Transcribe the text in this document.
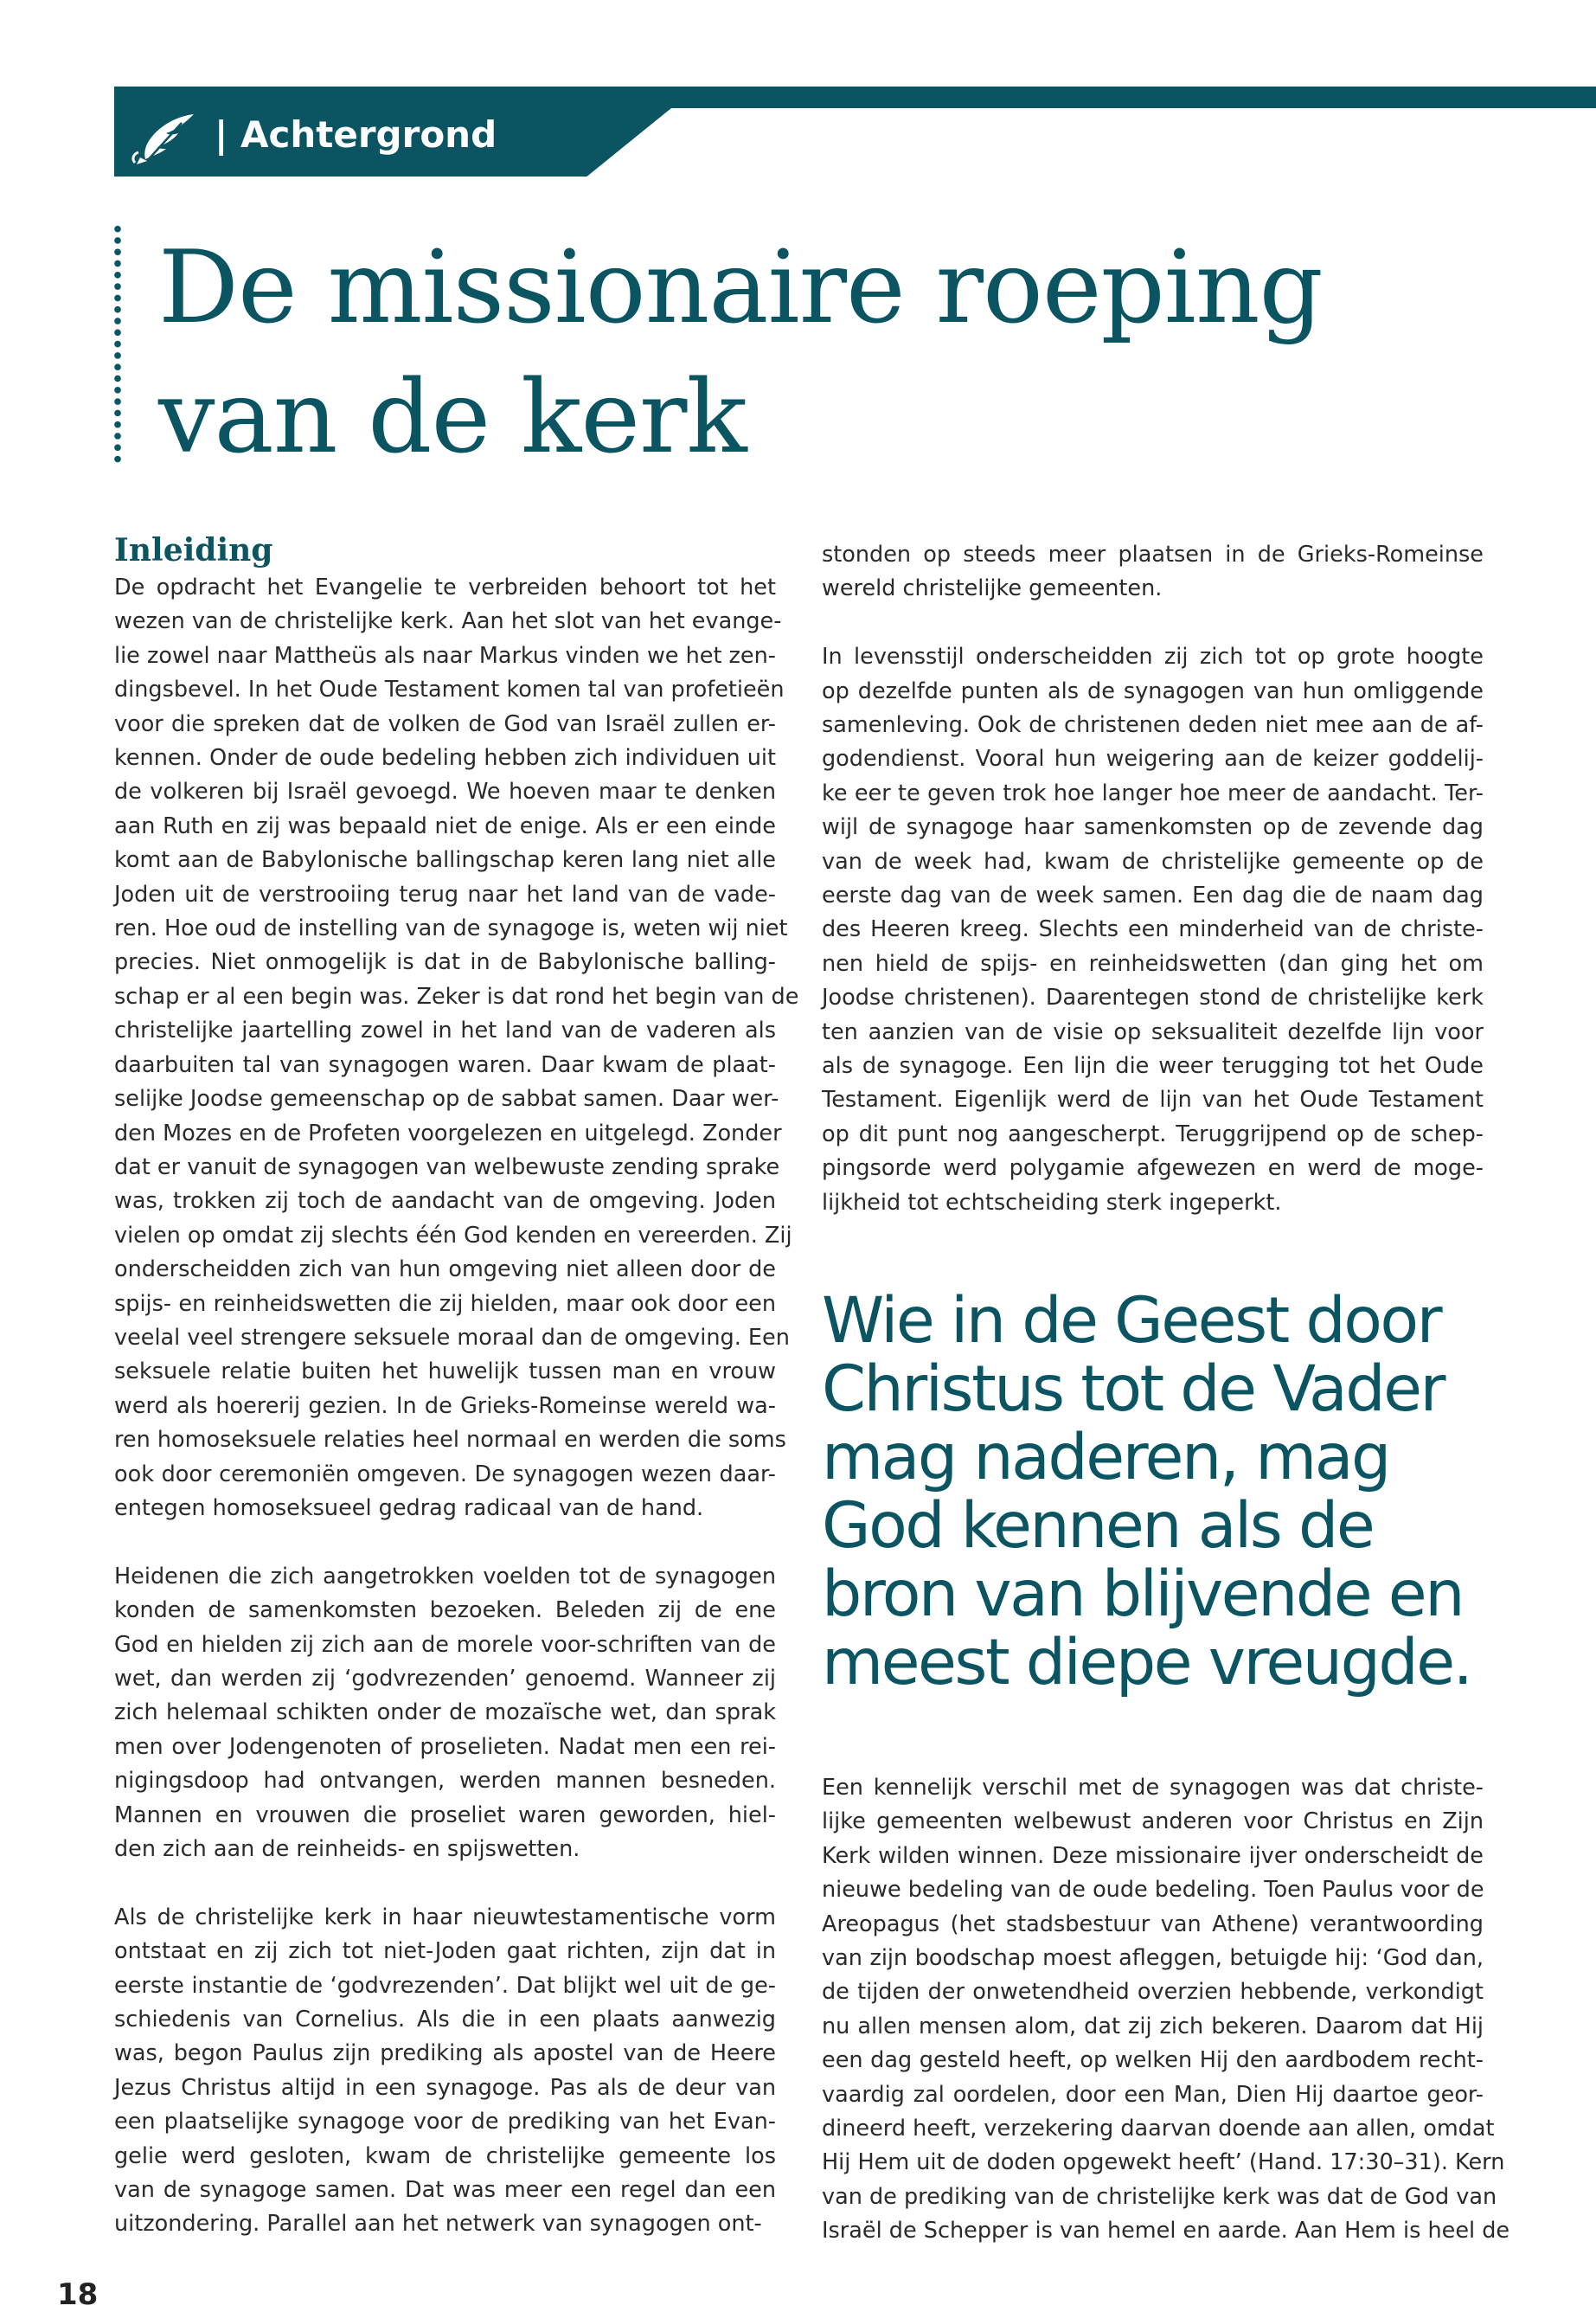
| Achtergrond
De missionaire roeping
van de kerk
Inleiding
De opdracht het Evangelie te verbreiden behoort tot het
wezen van de christelijke kerk. Aan het slot van het evange-
lie zowel naar Mattheüs als naar Markus vinden we het zen-
dingsbevel. In het Oude Testament komen tal van profetieën
voor die spreken dat de volken de God van Israël zullen er-
kennen. Onder de oude bedeling hebben zich individuen uit
de volkeren bij Israël gevoegd. We hoeven maar te denken
aan Ruth en zij was bepaald niet de enige. Als er een einde
komt aan de Babylonische ballingschap keren lang niet alle
Joden uit de verstrooiing terug naar het land van de vade-
ren. Hoe oud de instelling van de synagoge is, weten wij niet
precies. Niet onmogelijk is dat in de Babylonische balling-
schap er al een begin was. Zeker is dat rond het begin van de
christelijke jaartelling zowel in het land van de vaderen als
daarbuiten tal van synagogen waren. Daar kwam de plaat-
selijke Joodse gemeenschap op de sabbat samen. Daar wer-
den Mozes en de Profeten voorgelezen en uitgelegd. Zonder
dat er vanuit de synagogen van welbewuste zending sprake
was, trokken zij toch de aandacht van de omgeving. Joden
vielen op omdat zij slechts één God kenden en vereerden. Zij
onderscheidden zich van hun omgeving niet alleen door de
spijs- en reinheidswetten die zij hielden, maar ook door een
veelal veel strengere seksuele moraal dan de omgeving. Een
seksuele relatie buiten het huwelijk tussen man en vrouw
werd als hoererij gezien. In de Grieks-Romeinse wereld wa-
ren homoseksuele relaties heel normaal en werden die soms
ook door ceremoniën omgeven. De synagogen wezen daar-
entegen homoseksueel gedrag radicaal van de hand.
Heidenen die zich aangetrokken voelden tot de synagogen
konden de samenkomsten bezoeken. Beleden zij de ene
God en hielden zij zich aan de morele voor-schriften van de
wet, dan werden zij ‘godvrezenden’ genoemd. Wanneer zij
zich helemaal schikten onder de mozaïsche wet, dan sprak
men over Jodengenoten of proselieten. Nadat men een rei-
nigingsdoop had ontvangen, werden mannen besneden.
Mannen en vrouwen die proseliet waren geworden, hiel-
den zich aan de reinheids- en spijswetten.
Als de christelijke kerk in haar nieuwtestamentische vorm
ontstaat en zij zich tot niet-Joden gaat richten, zijn dat in
eerste instantie de ‘godvrezenden’. Dat blijkt wel uit de ge-
schiedenis van Cornelius. Als die in een plaats aanwezig
was, begon Paulus zijn prediking als apostel van de Heere
Jezus Christus altijd in een synagoge. Pas als de deur van
een plaatselijke synagoge voor de prediking van het Evan-
gelie werd gesloten, kwam de christelijke gemeente los
van de synagoge samen. Dat was meer een regel dan een
uitzondering. Parallel aan het netwerk van synagogen ont-
stonden op steeds meer plaatsen in de Grieks-Romeinse
wereld christelijke gemeenten.
In levensstijl onderscheidden zij zich tot op grote hoogte
op dezelfde punten als de synagogen van hun omliggende
samenleving. Ook de christenen deden niet mee aan de af-
godendienst. Vooral hun weigering aan de keizer goddelij-
ke eer te geven trok hoe langer hoe meer de aandacht. Ter-
wijl de synagoge haar samenkomsten op de zevende dag
van de week had, kwam de christelijke gemeente op de
eerste dag van de week samen. Een dag die de naam dag
des Heeren kreeg. Slechts een minderheid van de christe-
nen hield de spijs- en reinheidswetten (dan ging het om
Joodse christenen). Daarentegen stond de christelijke kerk
ten aanzien van de visie op seksualiteit dezelfde lijn voor
als de synagoge. Een lijn die weer terugging tot het Oude
Testament. Eigenlijk werd de lijn van het Oude Testament
op dit punt nog aangescherpt. Teruggrijpend op de schep-
pingsorde werd polygamie afgewezen en werd de moge-
lijkheid tot echtscheiding sterk ingeperkt.
Wie in de Geest door
Christus tot de Vader
mag naderen, mag
God kennen als de
bron van blijvende en
meest diepe vreugde.
Een kennelijk verschil met de synagogen was dat christe-
lijke gemeenten welbewust anderen voor Christus en Zijn
Kerk wilden winnen. Deze missionaire ijver onderscheidt de
nieuwe bedeling van de oude bedeling. Toen Paulus voor de
Areopagus (het stadsbestuur van Athene) verantwoording
van zijn boodschap moest afleggen, betuigde hij: ‘God dan,
de tijden der onwetendheid overzien hebbende, verkondigt
nu allen mensen alom, dat zij zich bekeren. Daarom dat Hij
een dag gesteld heeft, op welken Hij den aardbodem recht-
vaardig zal oordelen, door een Man, Dien Hij daartoe geor-
dineerd heeft, verzekering daarvan doende aan allen, omdat
Hij Hem uit de doden opgewekt heeft’ (Hand. 17:30–31). Kern
van de prediking van de christelijke kerk was dat de God van
Israël de Schepper is van hemel en aarde. Aan Hem is heel de
18
